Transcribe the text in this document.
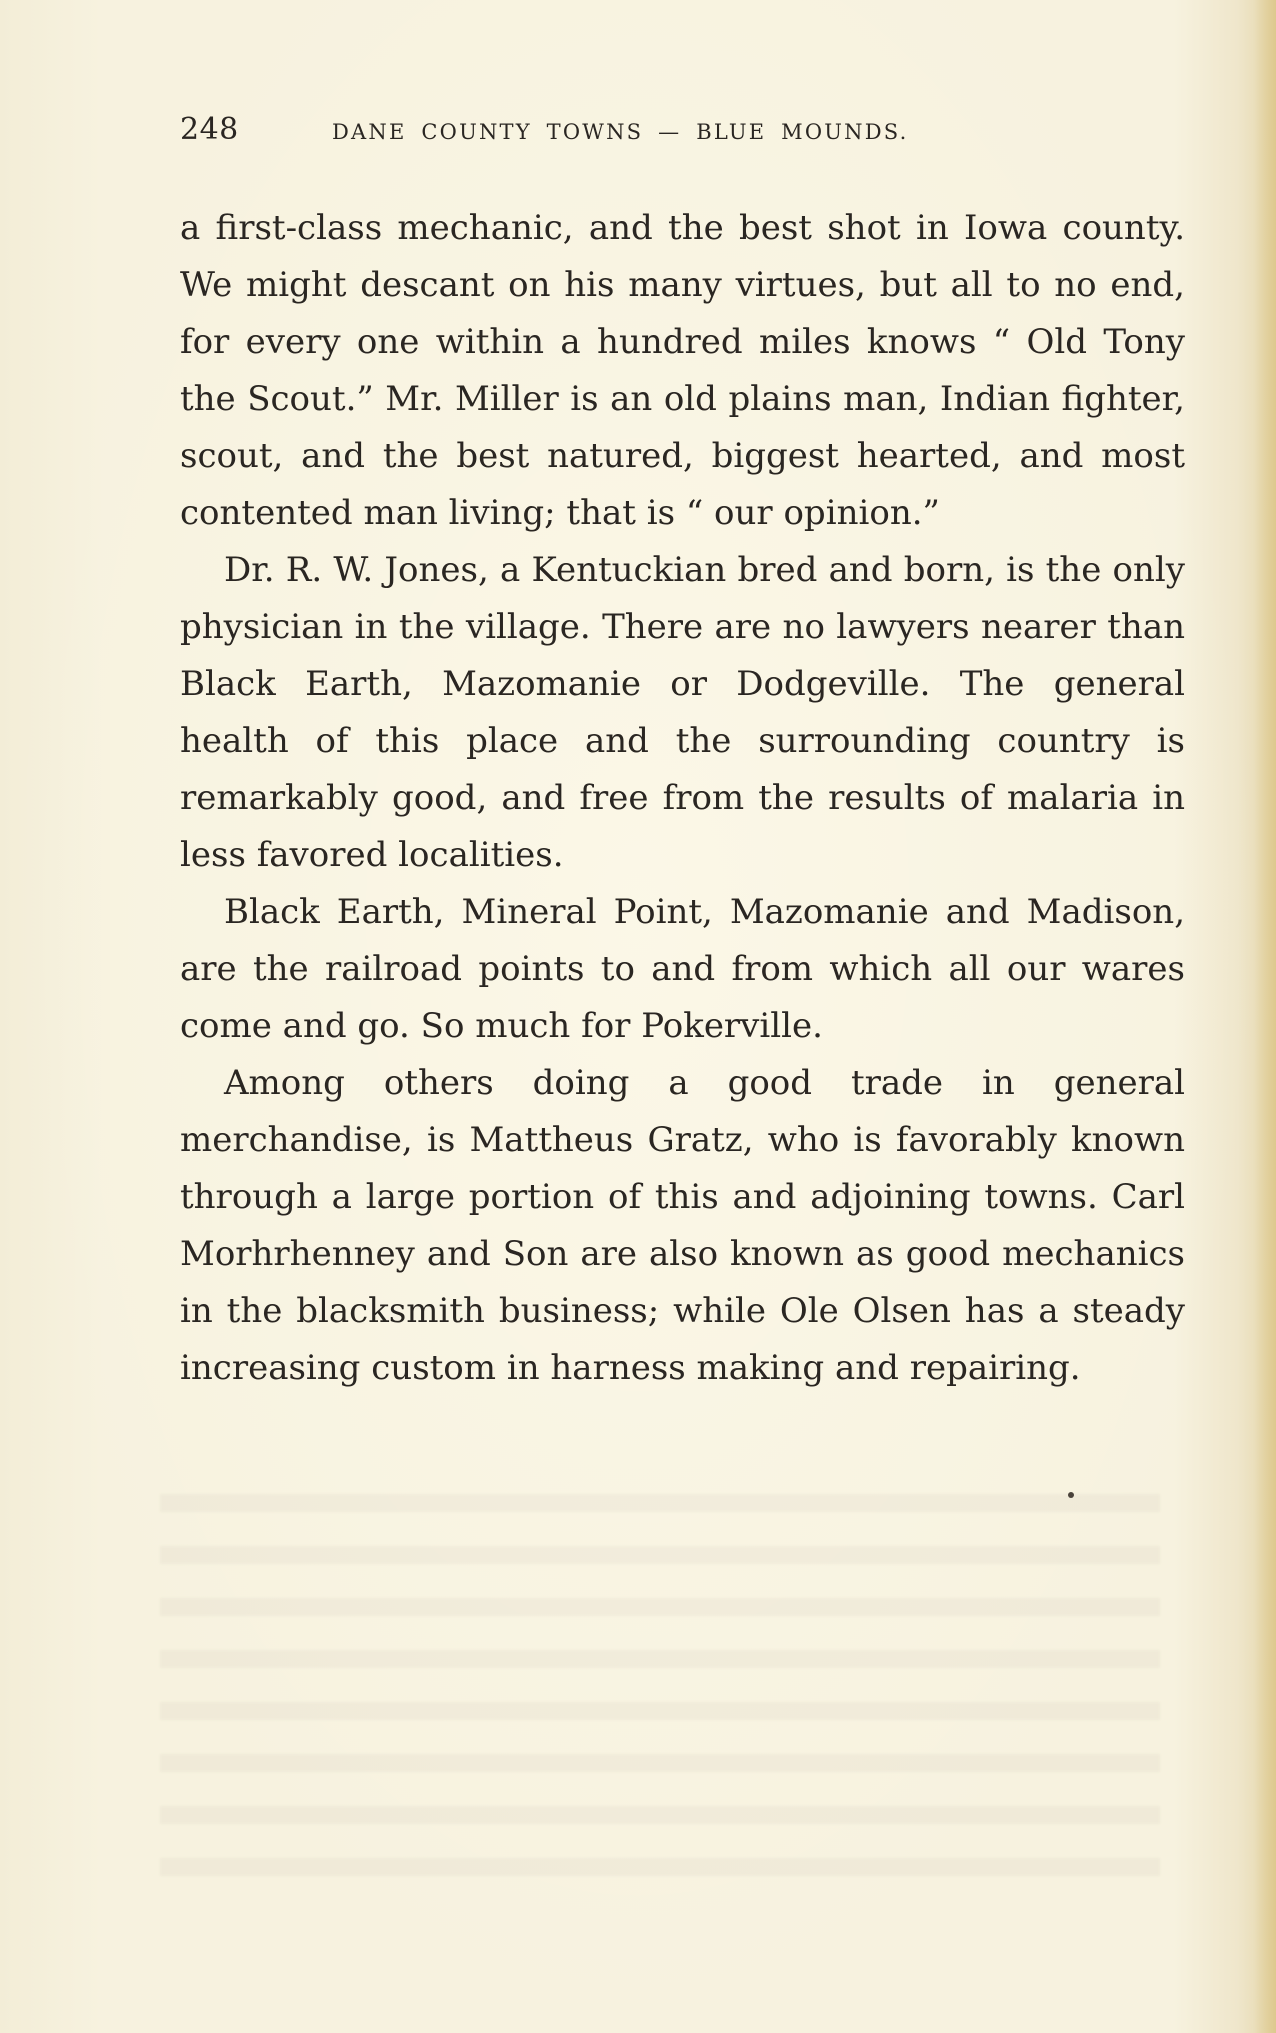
248	DANE COUNTY TOWNS — BLUE MOUNDS.

a first-class mechanic, and the best shot in Iowa county. We might descant on his many virtues, but all to no end, for every one within a hundred miles knows “ Old Tony the Scout.” Mr. Miller is an old plains man, Indian fighter, scout, and the best natured, biggest hearted, and most contented man living; that is “ our opinion.”

Dr. R. W. Jones, a Kentuckian bred and born, is the only physician in the village. There are no lawyers nearer than Black Earth, Mazomanie or Dodgeville. The general health of this place and the surrounding country is remarkably good, and free from the results of malaria in less favored localities.

Black Earth, Mineral Point, Mazomanie and Madison, are the railroad points to and from which all our wares come and go. So much for Pokerville.

Among others doing a good trade in general merchandise, is Mattheus Gratz, who is favorably known through a large portion of this and adjoining towns. Carl Morhrhenney and Son are also known as good mechanics in the blacksmith business; while Ole Olsen has a steady increasing custom in harness making and repairing.
